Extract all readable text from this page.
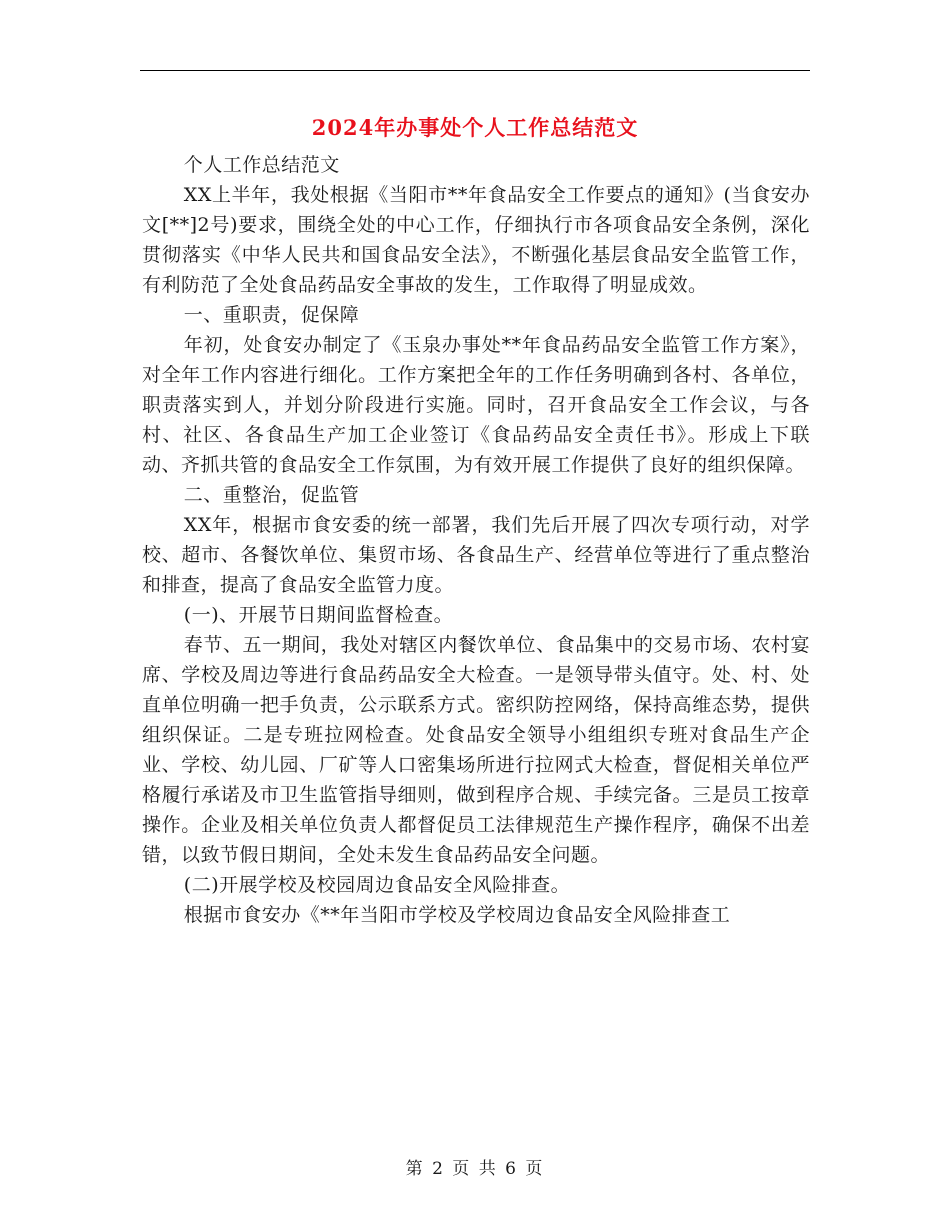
2024年办事处个人工作总结范文

个人工作总结范文

XX上半年，我处根据《当阳市**年食品安全工作要点的通知》(当食安办文[**]2号)要求，围绕全处的中心工作，仔细执行市各项食品安全条例，深化贯彻落实《中华人民共和国食品安全法》，不断强化基层食品安全监管工作，有利防范了全处食品药品安全事故的发生，工作取得了明显成效。

一、重职责，促保障

年初，处食安办制定了《玉泉办事处**年食品药品安全监管工作方案》，对全年工作内容进行细化。工作方案把全年的工作任务明确到各村、各单位，职责落实到人，并划分阶段进行实施。同时，召开食品安全工作会议，与各村、社区、各食品生产加工企业签订《食品药品安全责任书》。形成上下联动、齐抓共管的食品安全工作氛围，为有效开展工作提供了良好的组织保障。

二、重整治，促监管

XX年，根据市食安委的统一部署，我们先后开展了四次专项行动，对学校、超市、各餐饮单位、集贸市场、各食品生产、经营单位等进行了重点整治和排查，提高了食品安全监管力度。

(一)、开展节日期间监督检查。

春节、五一期间，我处对辖区内餐饮单位、食品集中的交易市场、农村宴席、学校及周边等进行食品药品安全大检查。一是领导带头值守。处、村、处直单位明确一把手负责，公示联系方式。密织防控网络，保持高维态势，提供组织保证。二是专班拉网检查。处食品安全领导小组组织专班对食品生产企业、学校、幼儿园、厂矿等人口密集场所进行拉网式大检查，督促相关单位严格履行承诺及市卫生监管指导细则，做到程序合规、手续完备。三是员工按章操作。企业及相关单位负责人都督促员工法律规范生产操作程序，确保不出差错，以致节假日期间，全处未发生食品药品安全问题。

(二)开展学校及校园周边食品安全风险排查。

根据市食安办《**年当阳市学校及学校周边食品安全风险排查工

第 2 页 共 6 页
